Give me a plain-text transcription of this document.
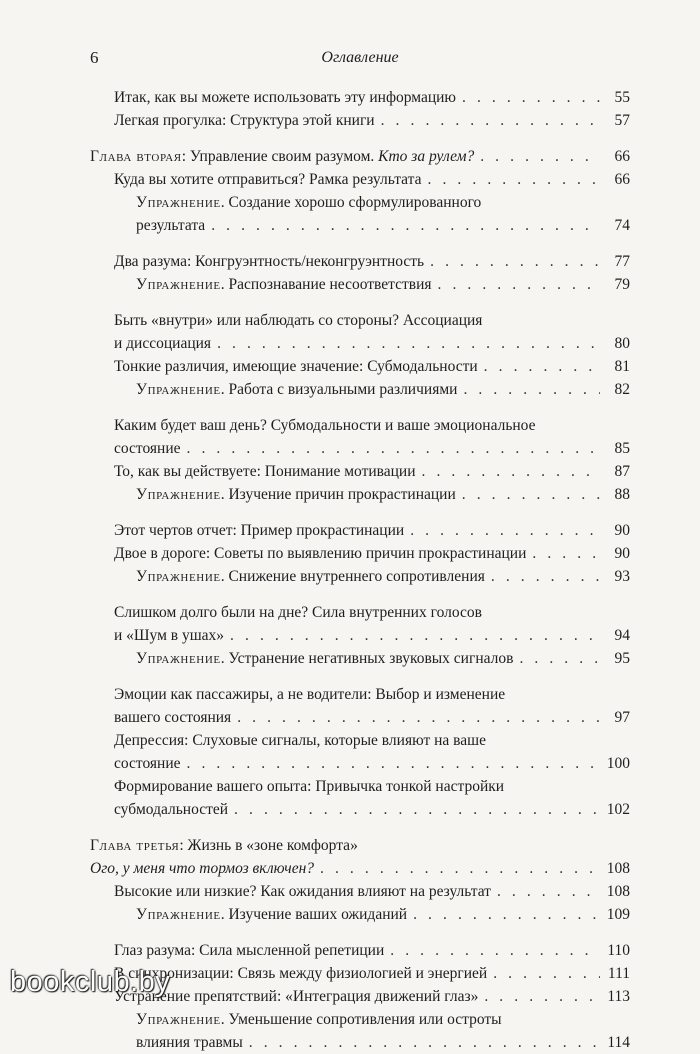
6	Оглавление
Итак, как вы можете использовать эту информацию . . .	55
Легкая прогулка: Структура этой книги . . .	57
Глава вторая: Управление своим разумом. Кто за рулем? . . .	66
Куда вы хотите отправиться? Рамка результата . . .	66
Упражнение. Создание хорошо сформулированного
результата . . .	74
Два разума: Конгруэнтность/неконгруэнтность . . .	77
Упражнение. Распознавание несоответствия . . .	79
Быть «внутри» или наблюдать со стороны? Ассоциация
и диссоциация . . .	80
Тонкие различия, имеющие значение: Субмодальности . . .	81
Упражнение. Работа с визуальными различиями . . .	82
Каким будет ваш день? Субмодальности и ваше эмоциональное
состояние . . .	85
То, как вы действуете: Понимание мотивации . . .	87
Упражнение. Изучение причин прокрастинации . . .	88
Этот чертов отчет: Пример прокрастинации . . .	90
Двое в дороге: Советы по выявлению причин прокрастинации . . .	90
Упражнение. Снижение внутреннего сопротивления . . .	93
Слишком долго были на дне? Сила внутренних голосов
и «Шум в ушах» . . .	94
Упражнение. Устранение негативных звуковых сигналов . . .	95
Эмоции как пассажиры, а не водители: Выбор и изменение
вашего состояния . . .	97
Депрессия: Слуховые сигналы, которые влияют на ваше
состояние . . .	100
Формирование вашего опыта: Привычка тонкой настройки
субмодальностей . . .	102
Глава третья: Жизнь в «зоне комфорта»
Ого, у меня что тормоз включен? . . .	108
Высокие или низкие? Как ожидания влияют на результат . . .	108
Упражнение. Изучение ваших ожиданий . . .	109
Глаз разума: Сила мысленной репетиции . . .	110
В синхронизации: Связь между физиологией и энергией . . .	111
Устранение препятствий: «Интеграция движений глаз» . . .	113
Упражнение. Уменьшение сопротивления или остроты
влияния травмы . . .	114
bookclub.by
